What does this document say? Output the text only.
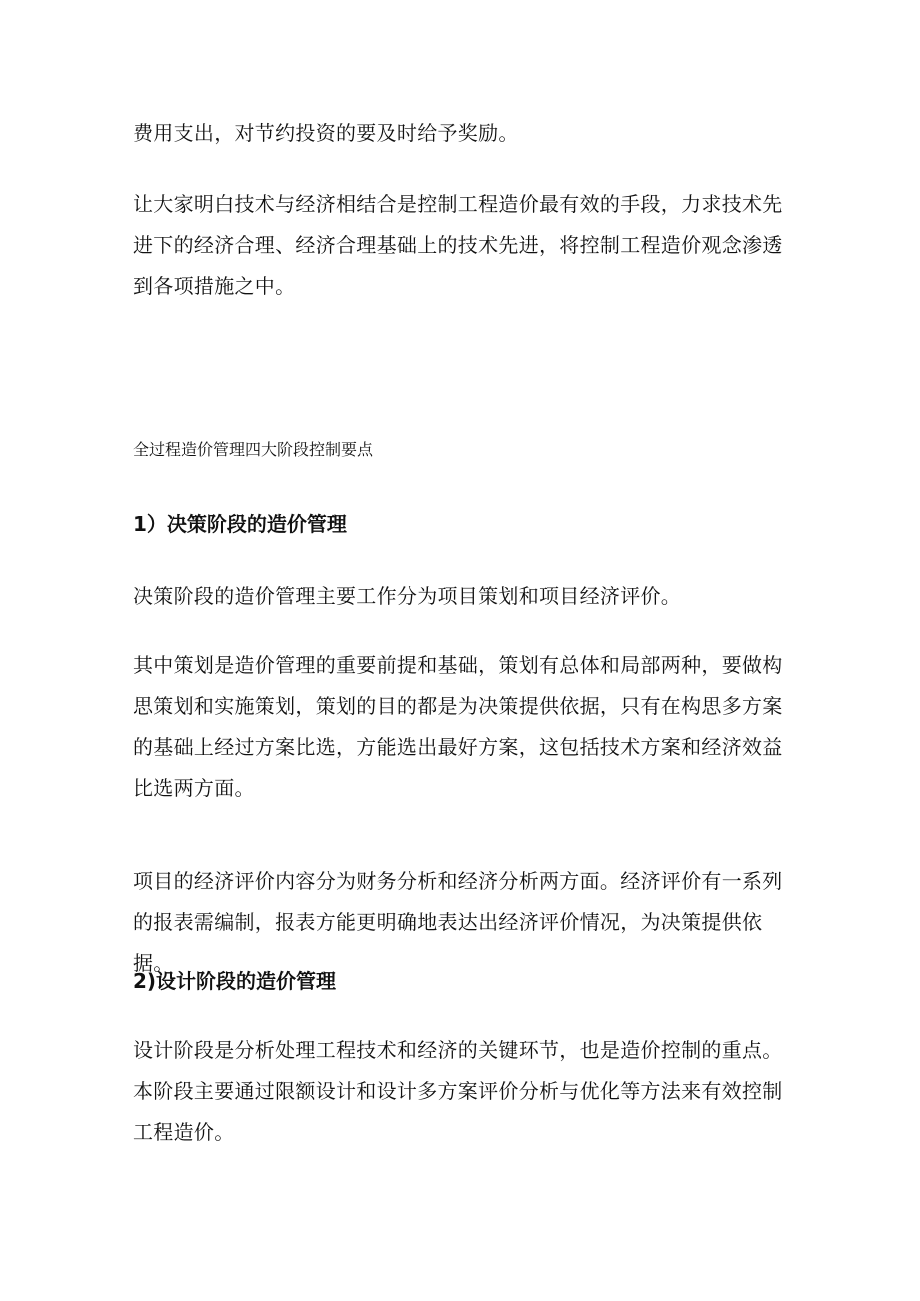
费用支出，对节约投资的要及时给予奖励。

让大家明白技术与经济相结合是控制工程造价最有效的手段，力求技术先进下的经济合理、经济合理基础上的技术先进，将控制工程造价观念渗透到各项措施之中。

全过程造价管理四大阶段控制要点

1）决策阶段的造价管理

决策阶段的造价管理主要工作分为项目策划和项目经济评价。

其中策划是造价管理的重要前提和基础，策划有总体和局部两种，要做构思策划和实施策划，策划的目的都是为决策提供依据，只有在构思多方案的基础上经过方案比选，方能选出最好方案，这包括技术方案和经济效益比选两方面。

项目的经济评价内容分为财务分析和经济分析两方面。经济评价有一系列的报表需编制，报表方能更明确地表达出经济评价情况，为决策提供依据。

2)设计阶段的造价管理

设计阶段是分析处理工程技术和经济的关键环节，也是造价控制的重点。本阶段主要通过限额设计和设计多方案评价分析与优化等方法来有效控制工程造价。
